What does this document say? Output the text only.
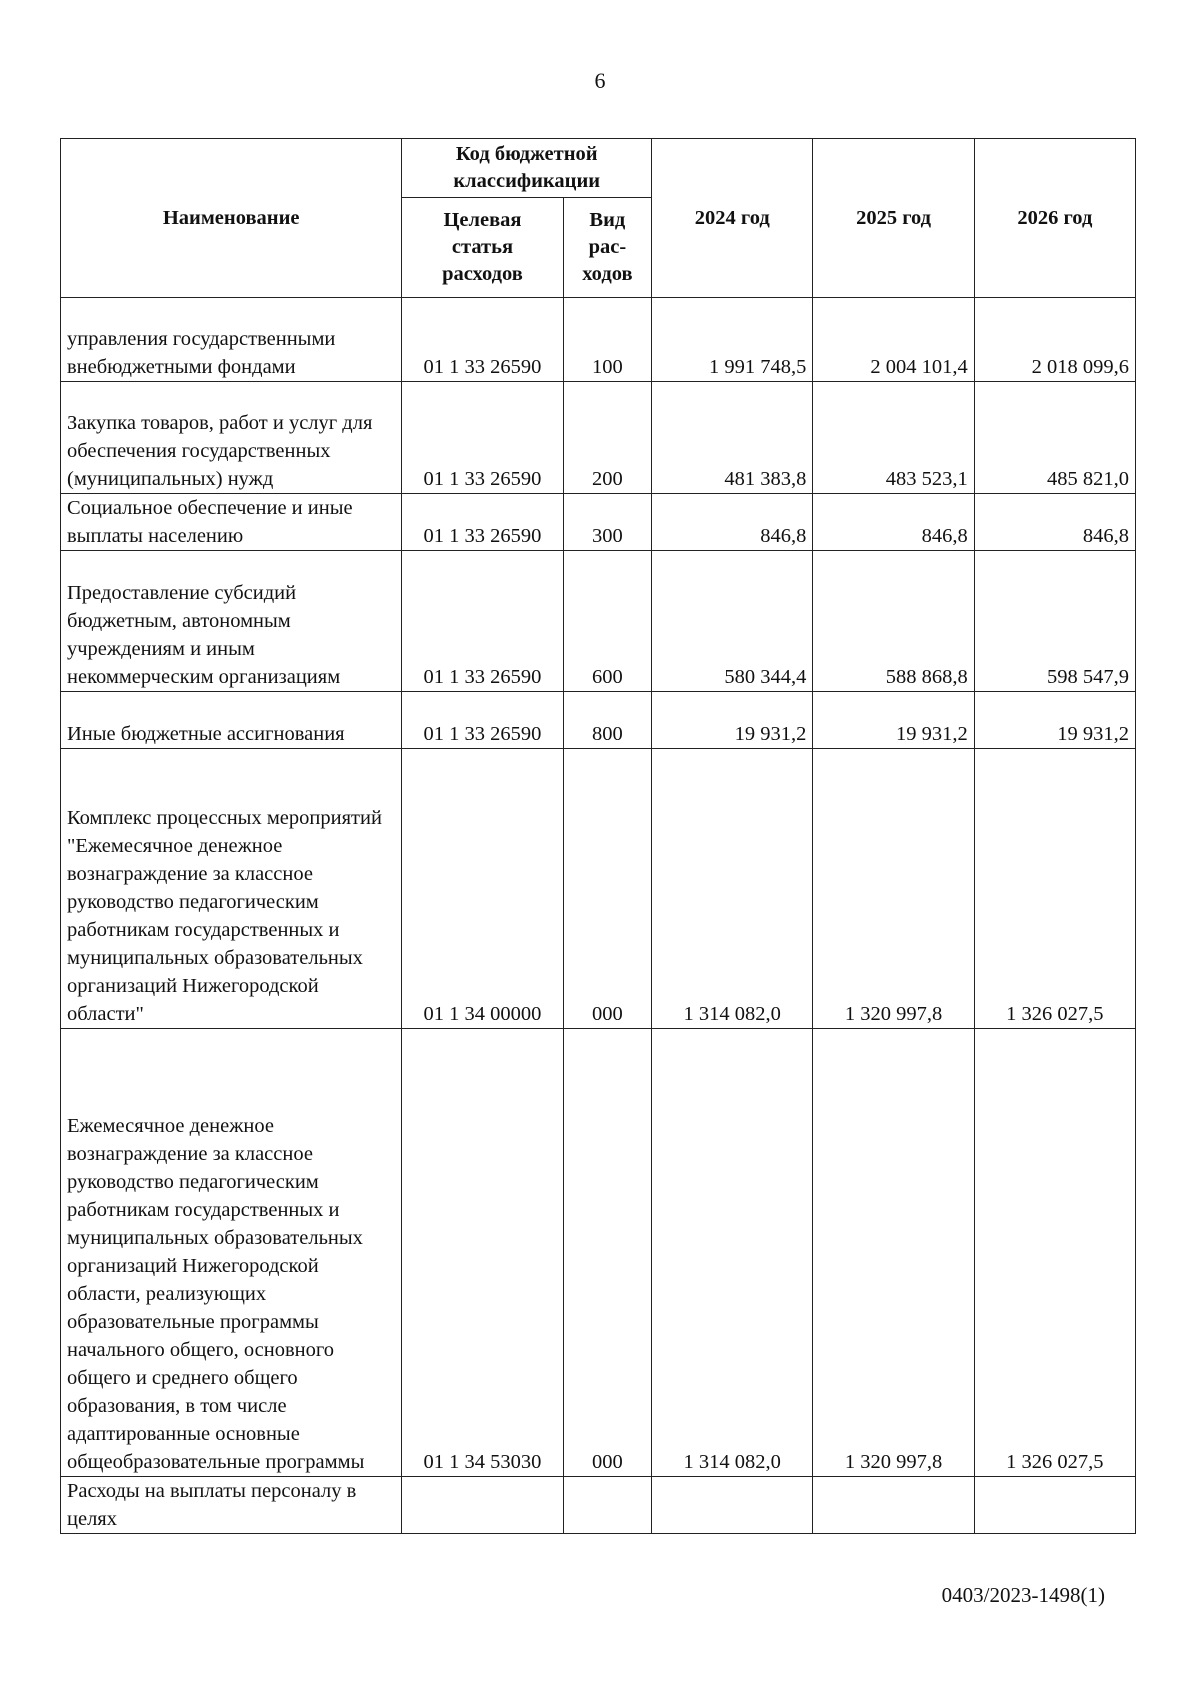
6
Наименование	Код бюджетной классификации		2024 год	2025 год	2026 год
	Целевая статья расходов	Вид рас-ходов			
управления государственными внебюджетными фондами	01 1 33 26590	100	1 991 748,5	2 004 101,4	2 018 099,6
Закупка товаров, работ и услуг для обеспечения государственных (муниципальных) нужд	01 1 33 26590	200	481 383,8	483 523,1	485 821,0
Социальное обеспечение и иные выплаты населению	01 1 33 26590	300	846,8	846,8	846,8
Предоставление субсидий бюджетным, автономным учреждениям и иным некоммерческим организациям	01 1 33 26590	600	580 344,4	588 868,8	598 547,9
Иные бюджетные ассигнования	01 1 33 26590	800	19 931,2	19 931,2	19 931,2
Комплекс процессных мероприятий "Ежемесячное денежное вознаграждение за классное руководство педагогическим работникам государственных и муниципальных образовательных организаций Нижегородской области"	01 1 34 00000	000	1 314 082,0	1 320 997,8	1 326 027,5
Ежемесячное денежное вознаграждение за классное руководство педагогическим работникам государственных и муниципальных образовательных организаций Нижегородской области, реализующих образовательные программы начального общего, основного общего и среднего общего образования, в том числе адаптированные основные общеобразовательные программы	01 1 34 53030	000	1 314 082,0	1 320 997,8	1 326 027,5
Расходы на выплаты персоналу в целях					
0403/2023-1498(1)
